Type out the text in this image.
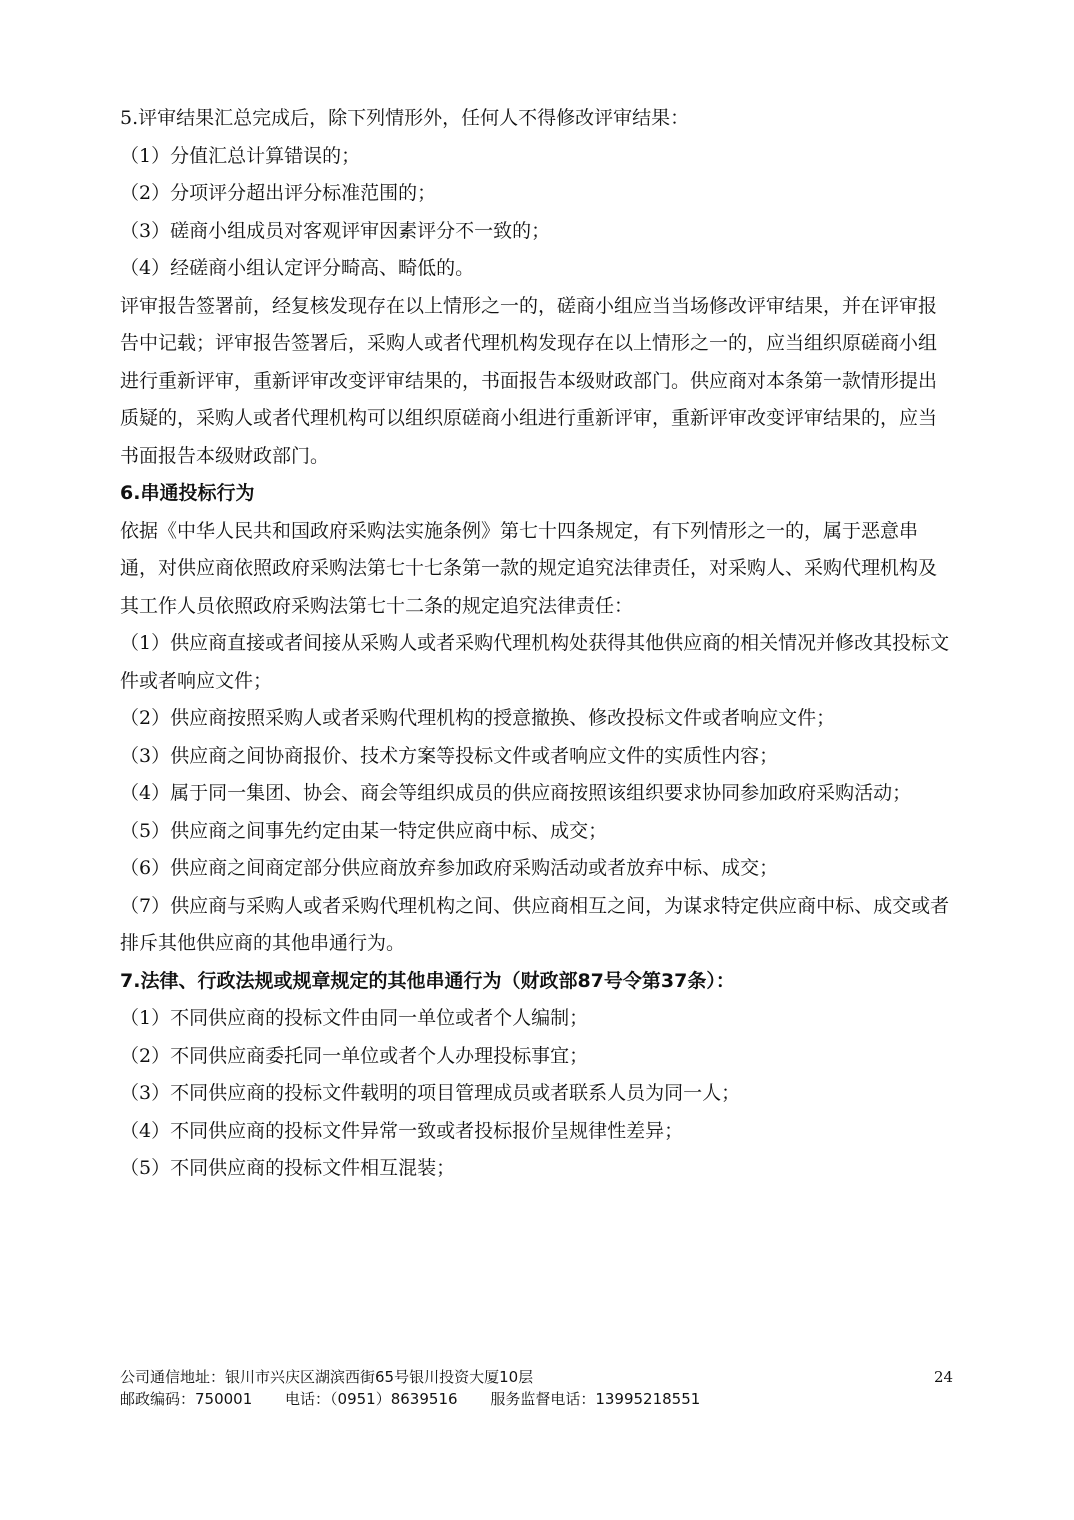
5.评审结果汇总完成后，除下列情形外，任何人不得修改评审结果：

（1）分值汇总计算错误的；

（2）分项评分超出评分标准范围的；

（3）磋商小组成员对客观评审因素评分不一致的；

（4）经磋商小组认定评分畸高、畸低的。

评审报告签署前，经复核发现存在以上情形之一的，磋商小组应当当场修改评审结果，并在评审报告中记载；评审报告签署后，采购人或者代理机构发现存在以上情形之一的，应当组织原磋商小组进行重新评审，重新评审改变评审结果的，书面报告本级财政部门。供应商对本条第一款情形提出质疑的，采购人或者代理机构可以组织原磋商小组进行重新评审，重新评审改变评审结果的，应当书面报告本级财政部门。

6.串通投标行为

依据《中华人民共和国政府采购法实施条例》第七十四条规定，有下列情形之一的，属于恶意串通，对供应商依照政府采购法第七十七条第一款的规定追究法律责任，对采购人、采购代理机构及其工作人员依照政府采购法第七十二条的规定追究法律责任：

（1）供应商直接或者间接从采购人或者采购代理机构处获得其他供应商的相关情况并修改其投标文件或者响应文件；

（2）供应商按照采购人或者采购代理机构的授意撤换、修改投标文件或者响应文件；

（3）供应商之间协商报价、技术方案等投标文件或者响应文件的实质性内容；

（4）属于同一集团、协会、商会等组织成员的供应商按照该组织要求协同参加政府采购活动；

（5）供应商之间事先约定由某一特定供应商中标、成交；

（6）供应商之间商定部分供应商放弃参加政府采购活动或者放弃中标、成交；

（7）供应商与采购人或者采购代理机构之间、供应商相互之间，为谋求特定供应商中标、成交或者排斥其他供应商的其他串通行为。

7.法律、行政法规或规章规定的其他串通行为（财政部87号令第37条）：

（1）不同供应商的投标文件由同一单位或者个人编制；

（2）不同供应商委托同一单位或者个人办理投标事宜；

（3）不同供应商的投标文件载明的项目管理成员或者联系人员为同一人；

（4）不同供应商的投标文件异常一致或者投标报价呈规律性差异；

（5）不同供应商的投标文件相互混装；

公司通信地址：银川市兴庆区湖滨西街65号银川投资大厦10层
邮政编码：750001 电话：（0951）8639516 服务监督电话：13995218551
24
